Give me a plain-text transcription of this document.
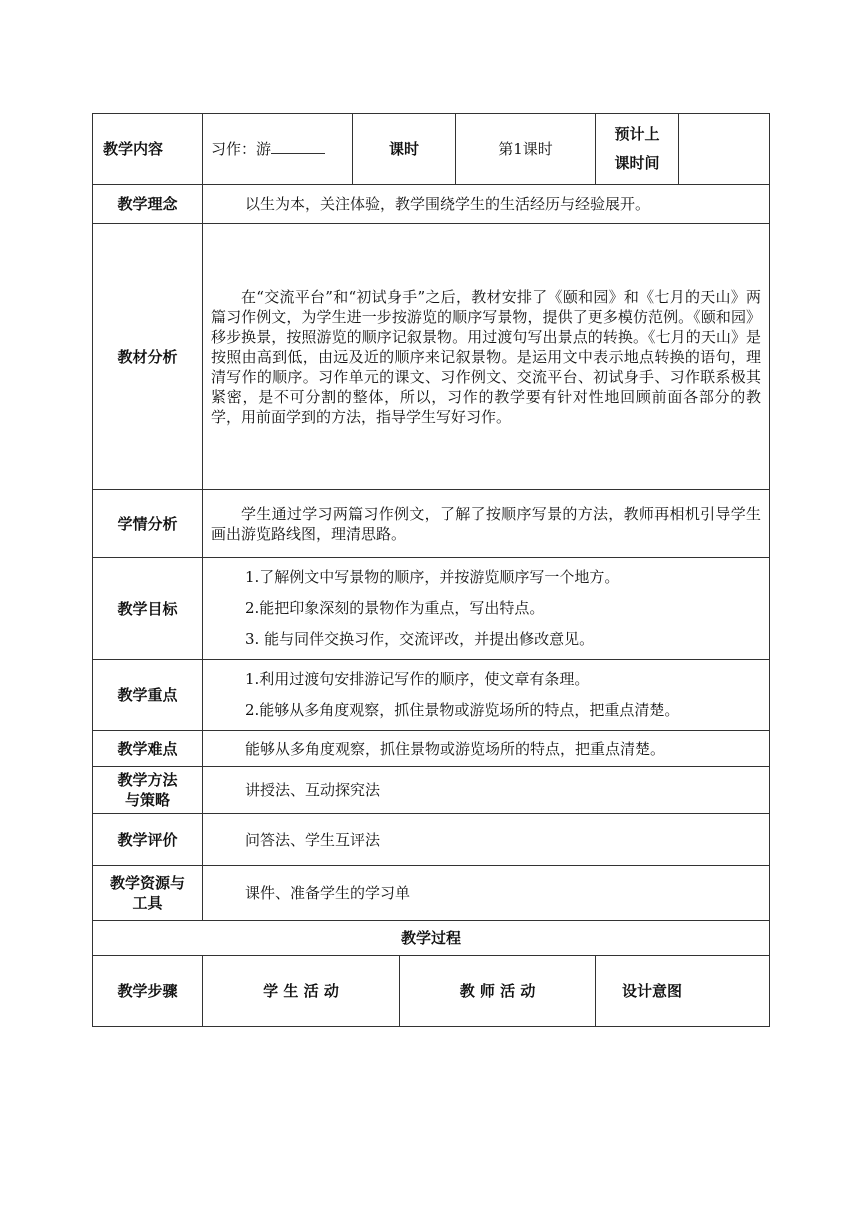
教学内容	习作：游	课时		第1课时	预计上
课时间	

教学理念	以生为本，关注体验，教学围绕学生的生活经历与经验展开。					
教材分析	在“交流平台”和“初试身手”之后，教材安排了《颐和园》和《七月的天山》两篇习作例文，为学生进一步按游览的顺序写景物，提供了更多模仿范例。《颐和园》移步换景，按照游览的顺序记叙景物。用过渡句写出景点的转换。《七月的天山》是按照由高到低，由远及近的顺序来记叙景物。是运用文中表示地点转换的语句，理清写作的顺序。习作单元的课文、习作例文、交流平台、初试身手、习作联系极其紧密，是不可分割的整体，所以，习作的教学要有针对性地回顾前面各部分的教学，用前面学到的方法，指导学生写好习作。					
学情分析	学生通过学习两篇习作例文，了解了按顺序写景的方法，教师再相机引导学生画出游览路线图，理清思路。					
教学目标	1.了解例文中写景物的顺序，并按游览顺序写一个地方。
2.能把印象深刻的景物作为重点，写出特点。
3. 能与同伴交换习作，交流评改，并提出修改意见。					

教学重点	1.利用过渡句安排游记写作的顺序，使文章有条理。
2.能够从多角度观察，抓住景物或游览场所的特点，把重点清楚。					

教学难点	能够从多角度观察，抓住景物或游览场所的特点，把重点清楚。					

教学方法
与策略	讲授法、互动探究法					
教学评价	问答法、学生互评法					

教学资源与
工具	课件、准备学生的学习单					
教学过程						
教学步骤	学 生 活 动		教 师 活 动		设计意图	
